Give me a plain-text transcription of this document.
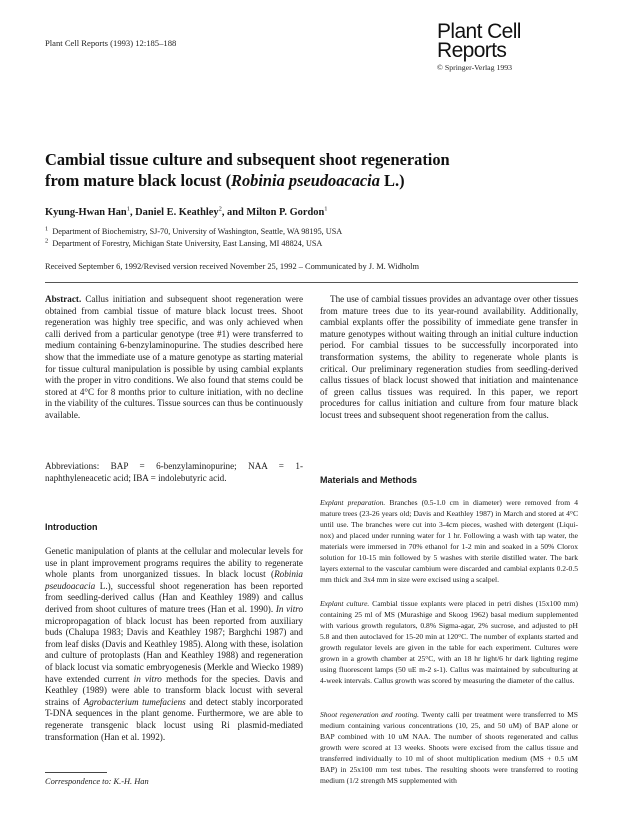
Plant Cell Reports (1993) 12:185–188	Plant Cell
Reports
© Springer-Verlag 1993
Cambial tissue culture and subsequent shoot regeneration
from mature black locust (Robinia pseudoacacia L.)
Kyung-Hwan Han$^1$, Daniel E. Keathley$^2$, and Milton P. Gordon$^1$
$^1$ Department of Biochemistry, SJ-70, University of Washington, Seattle, WA 98195, USA
$^2$ Department of Forestry, Michigan State University, East Lansing, MI 48824, USA
Received September 6, 1992/Revised version received November 25, 1992 – Communicated by J. M. Widholm

Abstract. Callus initiation and subsequent shoot regeneration were obtained from cambial tissue of mature black locust trees. Shoot regeneration was highly tree specific, and was only achieved when calli derived from a particular genotype (tree #1) were transferred to medium containing 6-benzylaminopurine. The studies described here show that the immediate use of a mature genotype as starting material for tissue cultural manipulation is possible by using cambial explants with the proper in vitro conditions. We also found that stems could be stored at 4°C for 8 months prior to culture initiation, with no decline in the viability of the cultures. Tissue sources can thus be continuously available.

Abbreviations: BAP = 6-benzylaminopurine; NAA = 1-naphthyleneacetic acid; IBA = indolebutyric acid.

Introduction

Genetic manipulation of plants at the cellular and molecular levels for use in plant improvement programs requires the ability to regenerate whole plants from unorganized tissues. In black locust (Robinia pseudoacacia L.), successful shoot regeneration has been reported from seedling-derived callus (Han and Keathley 1989) and callus derived from shoot cultures of mature trees (Han et al. 1990). In vitro micropropagation of black locust has been reported from auxiliary buds (Chalupa 1983; Davis and Keathley 1987; Barghchi 1987) and from leaf disks (Davis and Keathley 1985). Along with these, isolation and culture of protoplasts (Han and Keathley 1988) and regeneration of black locust via somatic embryogenesis (Merkle and Wiecko 1989) have extended current in vitro methods for the species. Davis and Keathley (1989) were able to transform black locust with several strains of Agrobacterium tumefaciens and detect stably incorporated T-DNA sequences in the plant genome. Furthermore, we are able to regenerate transgenic black locust using Ri plasmid-mediated transformation (Han et al. 1992).

Correspondence to: K.-H. Han

The use of cambial tissues provides an advantage over other tissues from mature trees due to its year-round availability. Additionally, cambial explants offer the possibility of immediate gene transfer in mature genotypes without waiting through an initial culture induction period. For cambial tissues to be successfully incorporated into transformation systems, the ability to regenerate whole plants is critical. Our preliminary regeneration studies from seedling-derived callus tissues of black locust showed that initiation and maintenance of green callus tissues was required. In this paper, we report procedures for callus initiation and culture from four mature black locust trees and subsequent shoot regeneration from the callus.

Materials and Methods

Explant preparation. Branches (0.5-1.0 cm in diameter) were removed from 4 mature trees (23-26 years old; Davis and Keathley 1987) in March and stored at 4°C until use. The branches were cut into 3-4cm pieces, washed with detergent (Liqui-nox) and placed under running water for 1 hr. Following a wash with tap water, the materials were immersed in 70% ethanol for 1-2 min and soaked in a 50% Clorox solution for 10-15 min followed by 5 washes with sterile distilled water. The bark layers external to the vascular cambium were discarded and cambial explants 0.2-0.5 mm thick and 3x4 mm in size were excised using a scalpel.

Explant culture. Cambial tissue explants were placed in petri dishes (15x100 mm) containing 25 ml of MS (Murashige and Skoog 1962) basal medium supplemented with various growth regulators, 0.8% Sigma-agar, 2% sucrose, and adjusted to pH 5.8 and then autoclaved for 15-20 min at 120°C. The number of explants started and growth regulator levels are given in the table for each experiment. Cultures were grown in a growth chamber at 25°C, with an 18 hr light/6 hr dark lighting regime using fluorescent lamps (50 uE m-2 s-1). Callus was maintained by subculturing at 4-week intervals. Callus growth was scored by measuring the diameter of the callus.

Shoot regeneration and rooting. Twenty calli per treatment were transferred to MS medium containing various concentrations (10, 25, and 50 uM) of BAP alone or BAP combined with 10 uM NAA. The number of shoots regenerated and callus growth were scored at 13 weeks. Shoots were excised from the callus tissue and transferred individually to 10 ml of shoot multiplication medium (MS + 0.5 uM BAP) in 25x100 mm test tubes. The resulting shoots were transferred to rooting medium (1/2 strength MS supplemented with
